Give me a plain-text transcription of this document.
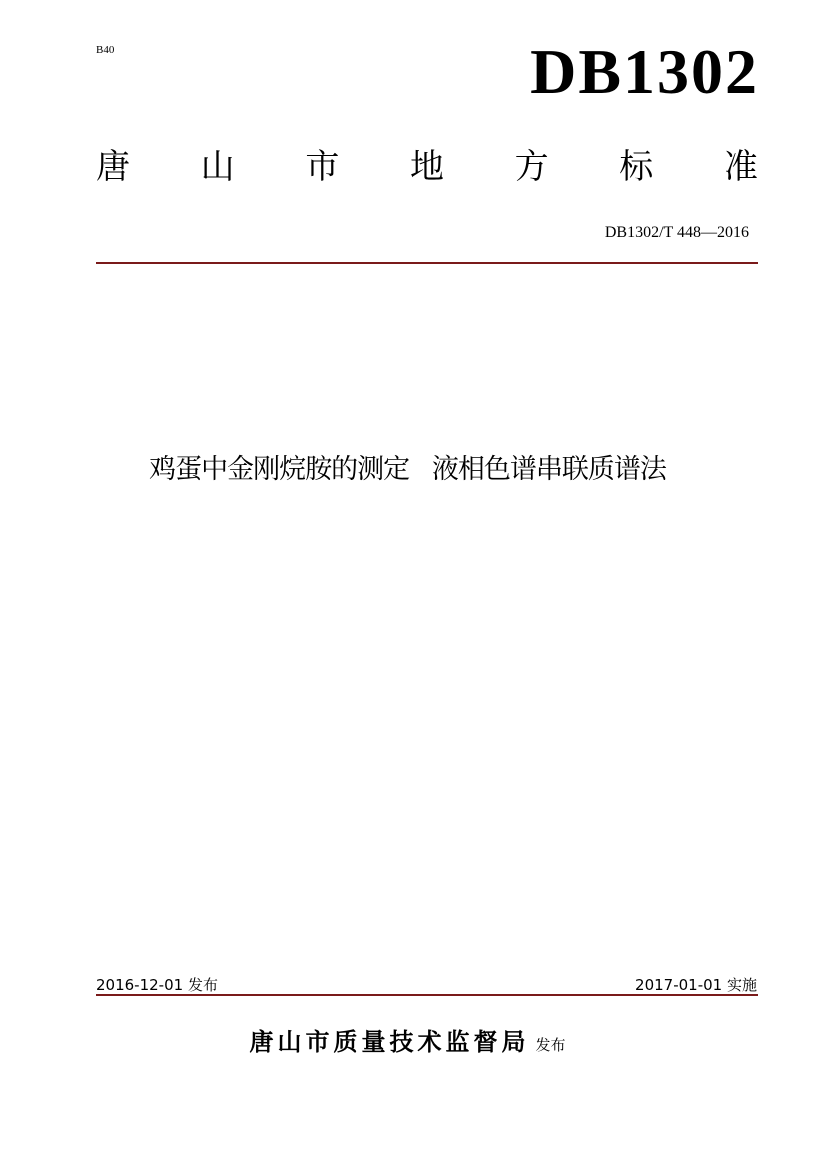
B40	DB1302
唐 山 市 地 方 标 准
DB1302/T 448—2016
鸡蛋中金刚烷胺的测定   液相色谱串联质谱法
2016-12-01 发布	2017-01-01 实施
唐山市质量技术监督局 发布
